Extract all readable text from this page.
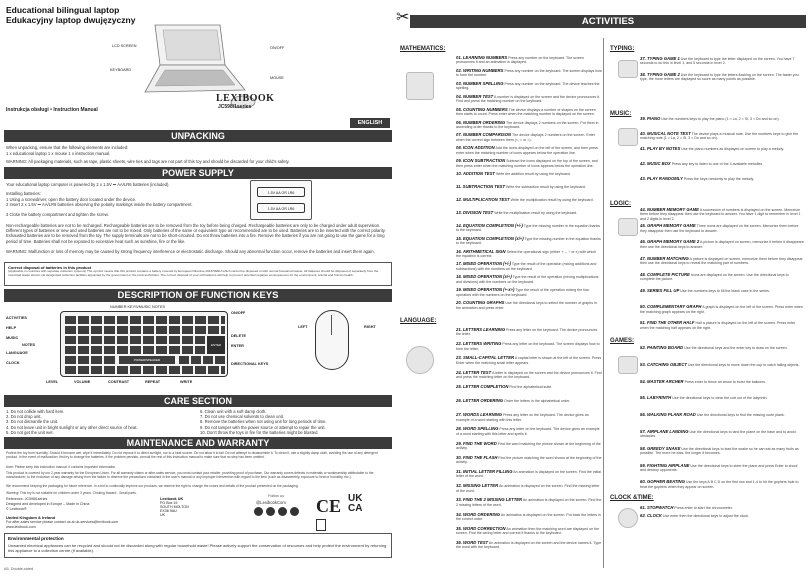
Educational bilingual laptop
Edukacyjny laptop dwujęzyczny
LCD SCREEN
KEYBOARD
ON/OFF
MOUSE
LEXIBOOK
JC598i1series
Instrukcja obsługi • Instruction Manual
ENGLISH
UNPACKING
When unpacking, ensure that the following elements are included:
1 x educational laptop 1 x mouse 1 x instruction manual.
WARNING: All packaging materials, such as tape, plastic sheets, wire ties and tags are not part of this toy and should be discarded for your child's safety.
POWER SUPPLY
Your educational laptop computer is powered by 2 x 1.5V ⎓ AA/LR6 batteries (included).
Installing batteries:
1 Using a screwdriver, open the battery door located under the device.
2 Insert 2 x 1.5V ⎓ AA/LR6 batteries observing the polarity markings inside the battery compartment.
3 Close the battery compartment and tighten the screw.
1.5V AA OR LR6
1.5V AA OR LR6
Non-rechargeable batteries are not to be recharged. Rechargeable batteries are to be removed from the toy before being charged. Rechargeable batteries are only to be charged under adult supervision. Different types of batteries or new and used batteries are not to be mixed. Only batteries of the same or equivalent type as recommended are to be used. Batteries are to be inserted with the correct polarity. Exhausted batteries are to be removed from the toy. The supply terminals are not to be short-circuited. Do not throw batteries into a fire. Remove the batteries if you are not going to use the game for a long period of time. Batteries shall not be exposed to excessive heat such as sunshine, fire or the like.
WARNING: Malfunction or loss of memory may be caused by strong frequency interference or electrostatic discharge. Should any abnormal function occur, remove the batteries and insert them again.
Correct disposal of batteries in this product
(Applicable in countries with separate collection systems) The symbol means that this product contains a battery covered by European Directive 2013/56/EU which cannot be disposed of with normal household waste. All batteries should be disposed of separately from the municipal waste stream via designated collection facilities appointed by the government or the local authorities. The correct disposal of your old batteries will help to prevent potential negative consequences for the environment, animal and human health.
DESCRIPTION OF FUNCTION KEYS
ENTER
POWER/SPEAKER
NUMBER KEYS/MUSIC NOTES
ACTIVITIES
HELP
MUSIC
NOTES
LANGUAGE
CLOCK
LEVEL	VOLUME	CONTRAST	REPEAT	WRITE
ON/OFF
DELETE
ENTER
DIRECTIONAL KEYS
LEFT	RIGHT
CARE SECTION
1. Do not collide with hard item.
2. Do not drop unit.
3. Do not dismantle the unit.
4. Do not leave unit in bright sunlight or any other direct source of heat.
5. Do not get the unit wet.
6. Clean unit with a soft damp cloth.
7. Do not use chemical solvents to clean unit.
8. Remove the batteries when not using unit for long periods of time.
9. Do not tamper with the power source or attempt to repair the unit.
10. Don't throw the toys in fire for the batteries might be blasted.
MAINTENANCE AND WARRANTY
Protect the toy from humidity. Should it become wet, wipe it immediately. Do not expose it to direct sunlight, nor to a heat source. Do not allow it to fall. Do not attempt to disassemble it. To clean it, use a slightly damp cloth, avoiding the use of any detergent product. In the event of malfunction, first try to change the batteries. If the problem persists, consult the rest of this instruction manual to make sure that no step has been omitted.
Note: Please keep this instruction manual, it contains important information.
This product is covered by our 2-year warranty for the European Union. For all warranty claims or after-sales service, you must contact your retailer, providing proof of purchase. Our warranty covers defects in materials or workmanship attributable to the manufacturer, to the exclusion of any damage arising from the failure to observe the precautions contained in the user's manual or any improper intervention with regard to the item (such as disassembly, exposure to heat or humidity, etc.).
We recommend keeping the packaging for future reference. In a bid to continually improve our products, we reserve the right to change the colors and details of the product presented on the packaging.
Warning! This toy is not suitable for children under 3 years. Choking Hazard - Small parts.
Reference: JC598i1series
Designed and developed in Europe – Made in China
© Lexibook®
United Kingdom & Ireland
For after-sales service please contact us at uk-services@lexibook.com
www.lexibook.com
Lexibook UK
PO Box 19
SOUTH MOLTON
EX36 9AU
UK
Follow us
@LexibookCom CE UK CA
Environmental protection
Unwanted electrical appliances can be recycled and should not be discarded along with regular household waste! Please actively support the conservation of resources and help protect the environment by returning this appliance to a collection centre (if available).
A5, Double-sided
✂	ACTIVITIES
MATHEMATICS:
01. LEARNING NUMBERS Press any number on the keyboard. The screen pronounces it and an animation is displayed.
02. WRITING NUMBERS Press any number on the keyboard. The screen displays how to form the number.
03. NUMBER SPELLING Press any number on the keyboard. The device teaches the spelling.
04. NUMBER TEST A number is displayed on the screen and the device pronounces it. Find and press the matching number on the keyboard.
05. COUNTING NUMBERS The device displays a number of shapes on the screen then starts to count. Press enter when the matching number is displayed on the screen.
06. NUMBER ORDERING The device displays 2 numbers on the screen. Put them in ascending order thanks to the keyboard.
07. NUMBER COMPARISON The device displays 2 numbers on the screen. Enter when the correct sign between them (<, > or =).
08. ICON ADDITION Add the icons displayed on the left of the screen, and then press enter when the matching number of icons appears below the operation line.
09. ICON SUBTRACTION Subtract the icons displayed on the top of the screen, and then press enter when the matching number of icons appears below the operation line.
10. ADDITION TEST Write the addition result by using the keyboard.
11. SUBTRACTION TEST Write the subtraction result by using the keyboard.
12. MULTIPLICATION TEST Write the multiplication result by using the keyboard.
13. DIVISION TEST Write the multiplication result by using the keyboard.
14. EQUATION COMPLETION (+/-) Type the missing number in the equation thanks to the keyboard.
15. EQUATION COMPLETION (x/÷) Type the missing number in the equation thanks to the keyboard.
16. ARITHMETICAL SIGN Select the operational sign (either +, -, ÷ or x) with which the equation is correct.
17. MIXED OPERATION (+/-) Type the result of the operation (mixing additions and subtractions) with the numbers on the keyboard.
18. MIXED OPERATION (x/÷) Type the result of the operation (mixing multiplications and divisions) with the numbers on the keyboard.
19. MIXED OPERATION (+-x÷) Type the result of the operation mixing the four operators with the numbers on the keyboard.
20. COUNTING GRAPHS Use the directional keys to select the number of graphs in the animation and press enter.
LANGUAGE:
21. LETTERS LEARNING Press any letter on the keyboard. The device pronounces the letter.
22. LETTERS WRITING Press any letter on the keyboard. The screen displays how to form the letter.
23. SMALL-CAPITAL LETTER A capital letter is shown at the left of the screen. Press Enter when the matching small letter appears.
24. LETTER TEST A letter is displayed on the screen and the device pronounces it. Find and press the matching letter on the keyboard.
25. LETTER COMPLETION Find the alphabetical suite.
26. LETTER ORDERING Order the letters in the alphabetical order.
27. WORDS LEARNING Press any letter on the keyboard. The device gives an example of a word starting with this letter.
28. WORD SPELLING Press any letter on the keyboard. The device gives an example of a word starting with this letter and spells it.
29. FIND THE WORD Find the word matching the picture shown at the beginning of the activity.
30. FIND THE FLASH Find the picture matching the word shown at the beginning of the activity.
31. INITIAL LETTER FILLING An animation is displayed on the screen. Find the initial letter of the word.
32. MISSING LETTER An animation is displayed on the screen. Find the missing letter of the word.
33. FIND THE 2 MISSING LETTER An animation is displayed on the screen. Find the 2 missing letters of the word.
34. WORD ORDERING An animation is displayed on the screen. Put back the letters in the correct order.
35. WORD CORRECTION An animation then the matching word are displayed on the screen. Find the wrong letter and correct it thanks to the keyboard.
36. WORD TEST An animation is displayed on the screen and the device names it. Type the word with the keyboard.
TYPING:
37. TYPING GAME 1 Use the keyboard to type the letter displayed on the screen. You have 7 seconds to do this in level 1, and 5 seconds in level 2.
38. TYPING GAME 2 Use the keyboard to type the letters flashing on the screen. The faster you type, the more letters are displayed so score as many points as possible.
MUSIC:
39. PIANO Use the numbers keys to play the piano (1 = La, 2 = Si, 3 = Do and so on).
40. MUSICAL NOTE TEST The device plays a musical note. Use the numbers keys to give the matching note (1 = La, 2 = Si, 3 = Do and so on).
41. PLAY BY NOTES Use the piano numbers as displayed on screen to play a melody.
42. MUSIC BOX Press any key to listen to one of the 4 available melodies.
43. PLAY RANDOMLY Press the keys randomly to play the melody.
LOGIC:
44. NUMBER MEMORY GAME A succession of numbers is displayed on the screen. Memorize them before they disappear then use the keyboard to answer. You have 1 digit to remember in level 1 and 2 digits in level 2.
45. GRAPH MEMORY GAME Three icons are displayed on the screen. Memorize them before they disappear then use the keyboard to answer.
46. GRAPH MEMORY GAME 2 A picture is displayed on screen, memorize it before it disappears then use the directional keys to answer.
47. NUMBER MATCHING A picture is displayed on screen, memorize them before they disappear then use the directional keys to reveal the matching pair of numbers.
48. COMPLETE PICTURE Icons are displayed on the screen. Use the directional keys to complete the picture.
49. SERIES FILL UP Use the numbers keys to fill the blank case in the series.
50. COMPLEMENTARY GRAPH A graph is displayed on the left of the screen. Press enter when the matching graph appears on the right.
51. FIND THE OTHER HALF Half a picture is displayed on the left of the screen. Press enter when the matching half appears on the right.
GAMES:
52. PAINTING BOARD Use the directional keys and the enter key to draw on the screen.
53. CATCHING OBJECT Use the directional keys to move down the cup to catch falling objects.
54. MASTER ARCHER Press enter to throw an arrow to burst the balloons.
55. LABYRINTH Use the directional keys to clear the cutt out of the labyrinth.
56. WALKING PLANK ROAD Use the directional keys to find the missing route plank.
57. AIRPLANE LANDING Use the directional keys to land the plane on the base and to avoid obstacles.
58. GREEDY SNAKE Use the directional keys to lead the snake so he can eat as many fruits as possible. The more he eats, the longer it becomes.
59. FIGHTING AIRPLANE Use the directional keys to steer the plane and press Enter to shoot and destroy opponents.
60. GOPHER BEATING Use the keys A B C D on the first row and 1-4 to hit the gophers hole to beat the gophers when they appear on screen.
CLOCK &TIME:
61. STOPWATCH Press enter to start the chronometer.
62. CLOCK Use enter then the directional keys to adjust the clock.
